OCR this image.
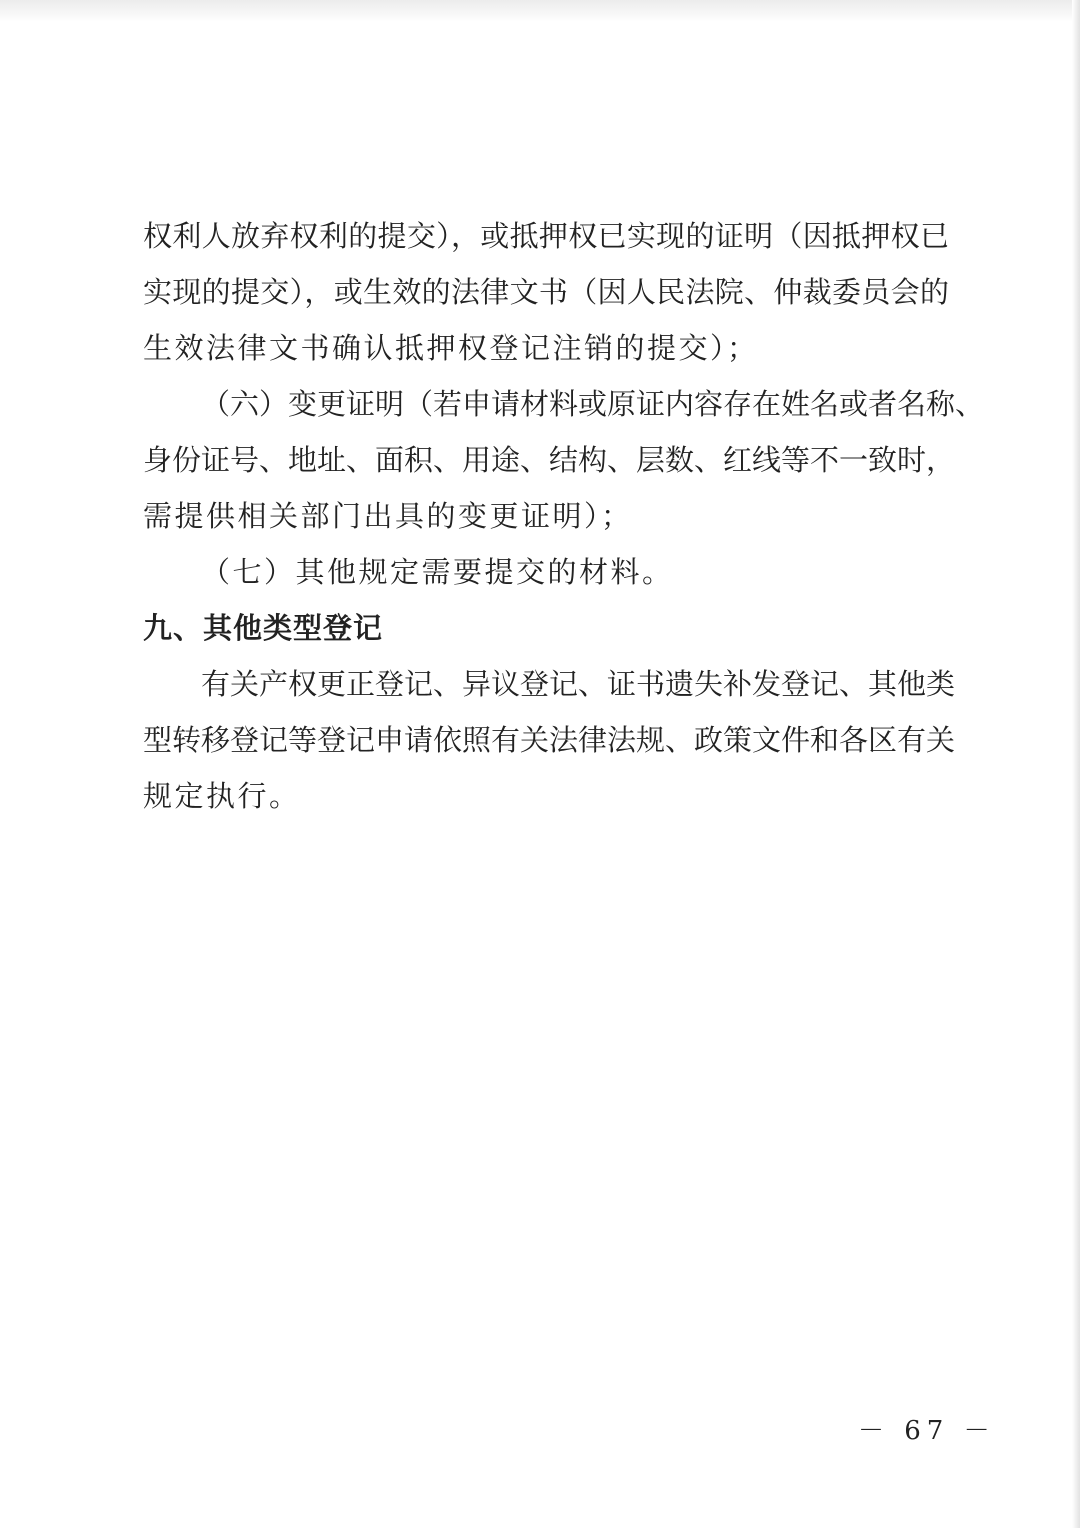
权利人放弃权利的提交），或抵押权已实现的证明（因抵押权已
实现的提交），或生效的法律文书（因人民法院、仲裁委员会的
生效法律文书确认抵押权登记注销的提交）；
（六）变更证明（若申请材料或原证内容存在姓名或者名称、
身份证号、地址、面积、用途、结构、层数、红线等不一致时，
需提供相关部门出具的变更证明）；
（七）其他规定需要提交的材料。
九、其他类型登记
有关产权更正登记、异议登记、证书遗失补发登记、其他类
型转移登记等登记申请依照有关法律法规、政策文件和各区有关
规定执行。
－ 67 －
